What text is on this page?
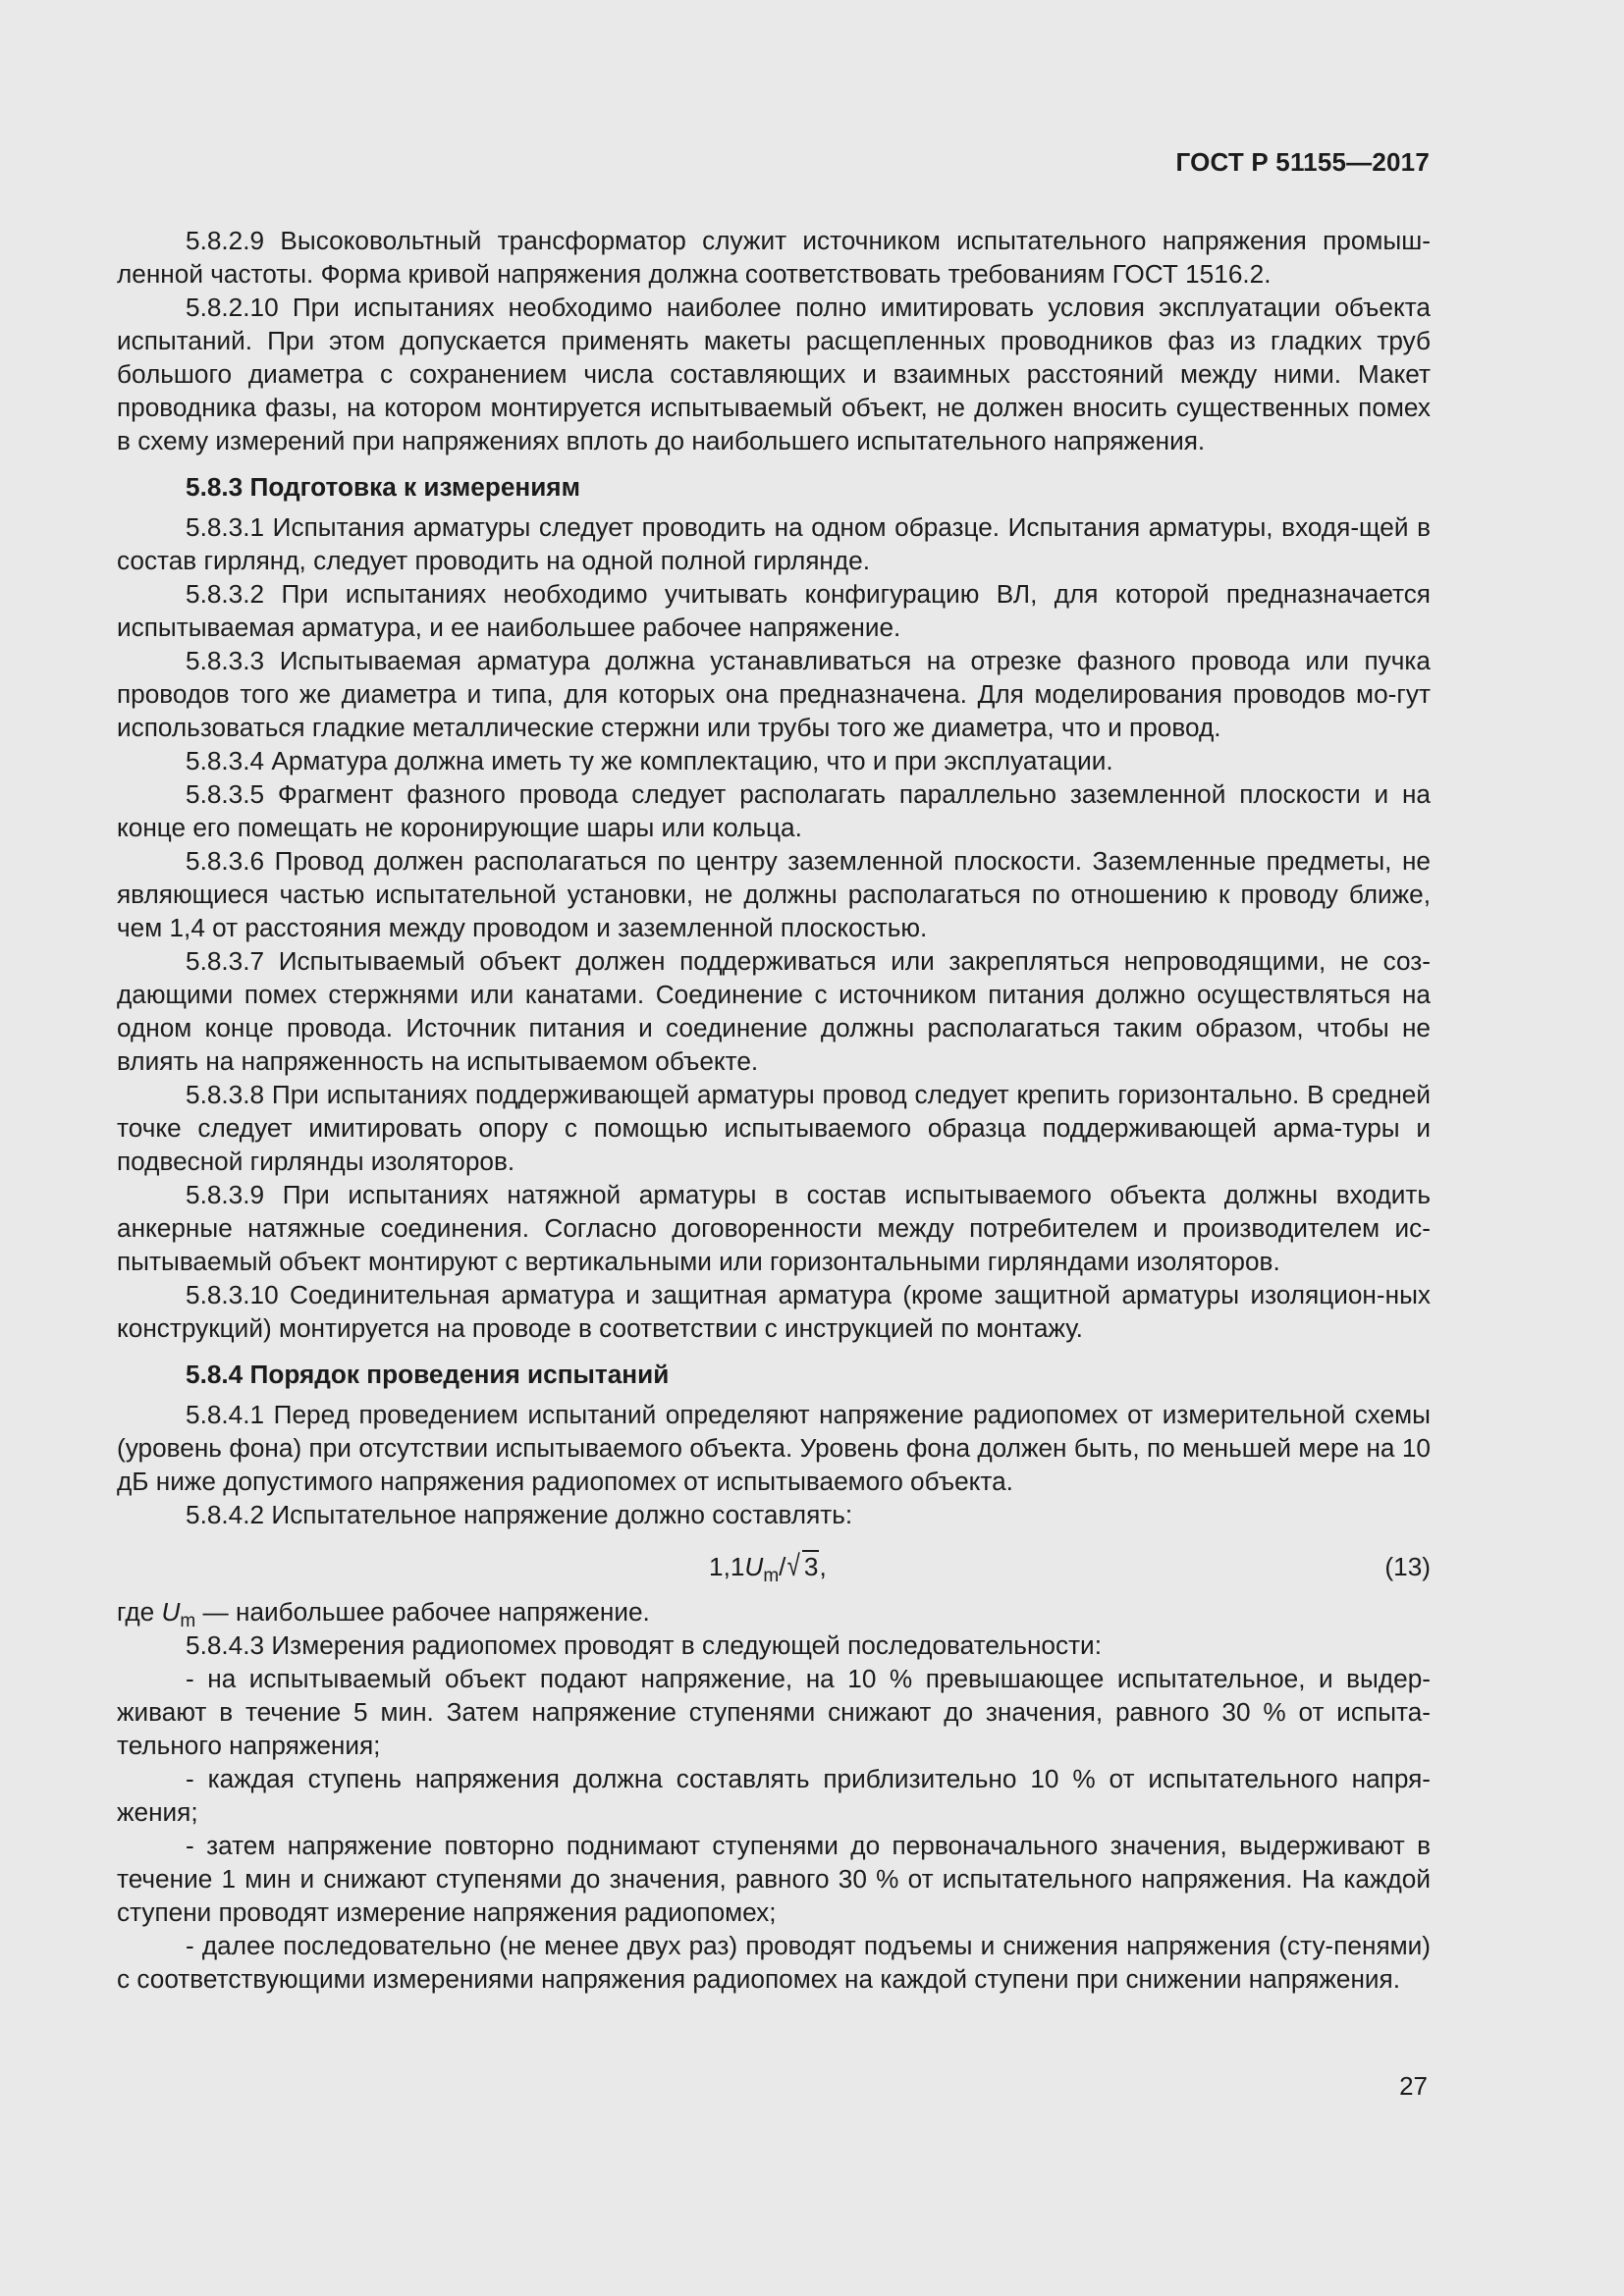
ГОСТ Р 51155—2017

5.8.2.9 Высоковольтный трансформатор служит источником испытательного напряжения промыш-ленной частоты. Форма кривой напряжения должна соответствовать требованиям ГОСТ 1516.2.

5.8.2.10 При испытаниях необходимо наиболее полно имитировать условия эксплуатации объекта испытаний. При этом допускается применять макеты расщепленных проводников фаз из гладких труб большого диаметра с сохранением числа составляющих и взаимных расстояний между ними. Макет проводника фазы, на котором монтируется испытываемый объект, не должен вносить существенных помех в схему измерений при напряжениях вплоть до наибольшего испытательного напряжения.

5.8.3 Подготовка к измерениям

5.8.3.1 Испытания арматуры следует проводить на одном образце. Испытания арматуры, входя-щей в состав гирлянд, следует проводить на одной полной гирлянде.

5.8.3.2 При испытаниях необходимо учитывать конфигурацию ВЛ, для которой предназначается испытываемая арматура, и ее наибольшее рабочее напряжение.

5.8.3.3 Испытываемая арматура должна устанавливаться на отрезке фазного провода или пучка проводов того же диаметра и типа, для которых она предназначена. Для моделирования проводов мо-гут использоваться гладкие металлические стержни или трубы того же диаметра, что и провод.

5.8.3.4 Арматура должна иметь ту же комплектацию, что и при эксплуатации.

5.8.3.5 Фрагмент фазного провода следует располагать параллельно заземленной плоскости и на конце его помещать не коронирующие шары или кольца.

5.8.3.6 Провод должен располагаться по центру заземленной плоскости. Заземленные предметы, не являющиеся частью испытательной установки, не должны располагаться по отношению к проводу ближе, чем 1,4 от расстояния между проводом и заземленной плоскостью.

5.8.3.7 Испытываемый объект должен поддерживаться или закрепляться непроводящими, не соз-дающими помех стержнями или канатами. Соединение с источником питания должно осуществляться на одном конце провода. Источник питания и соединение должны располагаться таким образом, чтобы не влиять на напряженность на испытываемом объекте.

5.8.3.8 При испытаниях поддерживающей арматуры провод следует крепить горизонтально. В средней точке следует имитировать опору с помощью испытываемого образца поддерживающей арма-туры и подвесной гирлянды изоляторов.

5.8.3.9 При испытаниях натяжной арматуры в состав испытываемого объекта должны входить анкерные натяжные соединения. Согласно договоренности между потребителем и производителем ис-пытываемый объект монтируют с вертикальными или горизонтальными гирляндами изоляторов.

5.8.3.10 Соединительная арматура и защитная арматура (кроме защитной арматуры изоляцион-ных конструкций) монтируется на проводе в соответствии с инструкцией по монтажу.

5.8.4 Порядок проведения испытаний

5.8.4.1 Перед проведением испытаний определяют напряжение радиопомех от измерительной схемы (уровень фона) при отсутствии испытываемого объекта. Уровень фона должен быть, по меньшей мере на 10 дБ ниже допустимого напряжения радиопомех от испытываемого объекта.

5.8.4.2 Испытательное напряжение должно составлять:

$1,1U_m/√$ 3,	(13)

где $U_m$ — наибольшее рабочее напряжение.

5.8.4.3 Измерения радиопомех проводят в следующей последовательности:

- на испытываемый объект подают напряжение, на 10 % превышающее испытательное, и выдер-живают в течение 5 мин. Затем напряжение ступенями снижают до значения, равного 30 % от испыта-тельного напряжения;

- каждая ступень напряжения должна составлять приблизительно 10 % от испытательного напря-жения;

- затем напряжение повторно поднимают ступенями до первоначального значения, выдерживают в течение 1 мин и снижают ступенями до значения, равного 30 % от испытательного напряжения. На каждой ступени проводят измерение напряжения радиопомех;

- далее последовательно (не менее двух раз) проводят подъемы и снижения напряжения (сту-пенями) с соответствующими измерениями напряжения радиопомех на каждой ступени при снижении напряжения.

27
